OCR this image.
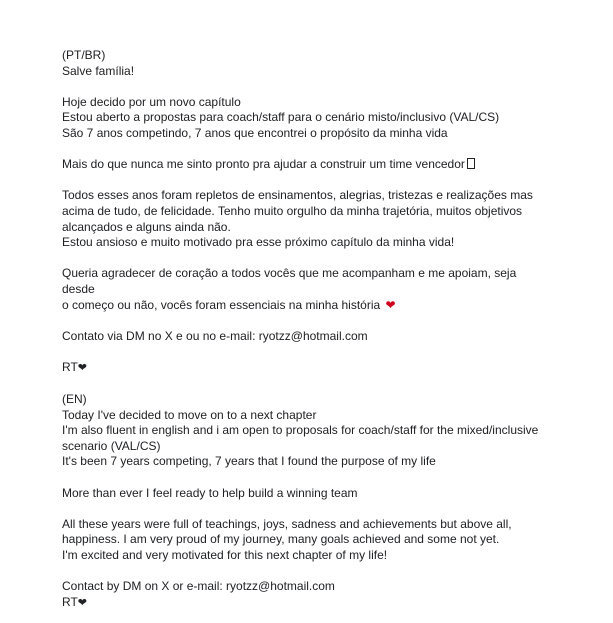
(PT/BR)
Salve família!
Hoje decido por um novo capítulo
Estou aberto a propostas para coach/staff para o cenário misto/inclusivo (VAL/CS)
São 7 anos competindo, 7 anos que encontrei o propósito da minha vida
Mais do que nunca me sinto pronto pra ajudar a construir um time vencedor
Todos esses anos foram repletos de ensinamentos, alegrias, tristezas e realizações mas
acima de tudo, de felicidade. Tenho muito orgulho da minha trajetória, muitos objetivos
alcançados e alguns ainda não.
Estou ansioso e muito motivado pra esse próximo capítulo da minha vida!
Queria agradecer de coração a todos vocês que me acompanham e me apoiam, seja desde
o começo ou não, vocês foram essenciais na minha história ❤
Contato via DM no X e ou no e-mail: ryotzz@hotmail.com
RT❤
(EN)
Today I've decided to move on to a next chapter
I'm also fluent in english and i am open to proposals for coach/staff for the mixed/inclusive
scenario (VAL/CS)
It's been 7 years competing, 7 years that I found the purpose of my life
More than ever I feel ready to help build a winning team
All these years were full of teachings, joys, sadness and achievements but above all,
happiness. I am very proud of my journey, many goals achieved and some not yet.
I'm excited and very motivated for this next chapter of my life!
Contact by DM on X or e-mail: ryotzz@hotmail.com
RT❤
